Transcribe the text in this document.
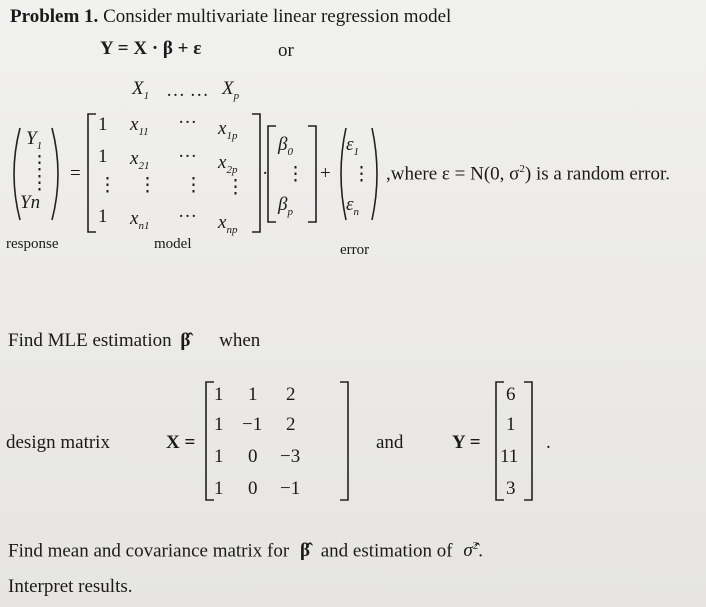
Problem 1. Consider multivariate linear regression model
Y = X · β + ε	or
$X_1$ … … $X_p$
$Y_1$
⋮
⋮
Yn
=
1 $x_{11}$ ··· $x_{1p}$
1 $x_{21}$ ··· $x_{2p}$
⋮ ⋮ ⋮ ⋮
1 $x_{n1}$ ··· $x_{np}$
·
$\beta_0$
⋮
$\beta_p$
+
$\varepsilon_1$
⋮
$\varepsilon_n$
,where ε = N(0, $\sigma^2$) is a random error.
response	model	error
Find MLE estimation β̂ when
design matrix	X =
1 1 2
1 −1 2
1 0 −3
1 0 −1
and	Y =
6
1
11
3
.
Find mean and covariance matrix for β̂ and estimation of σ̂$^2$.
Interpret results.
